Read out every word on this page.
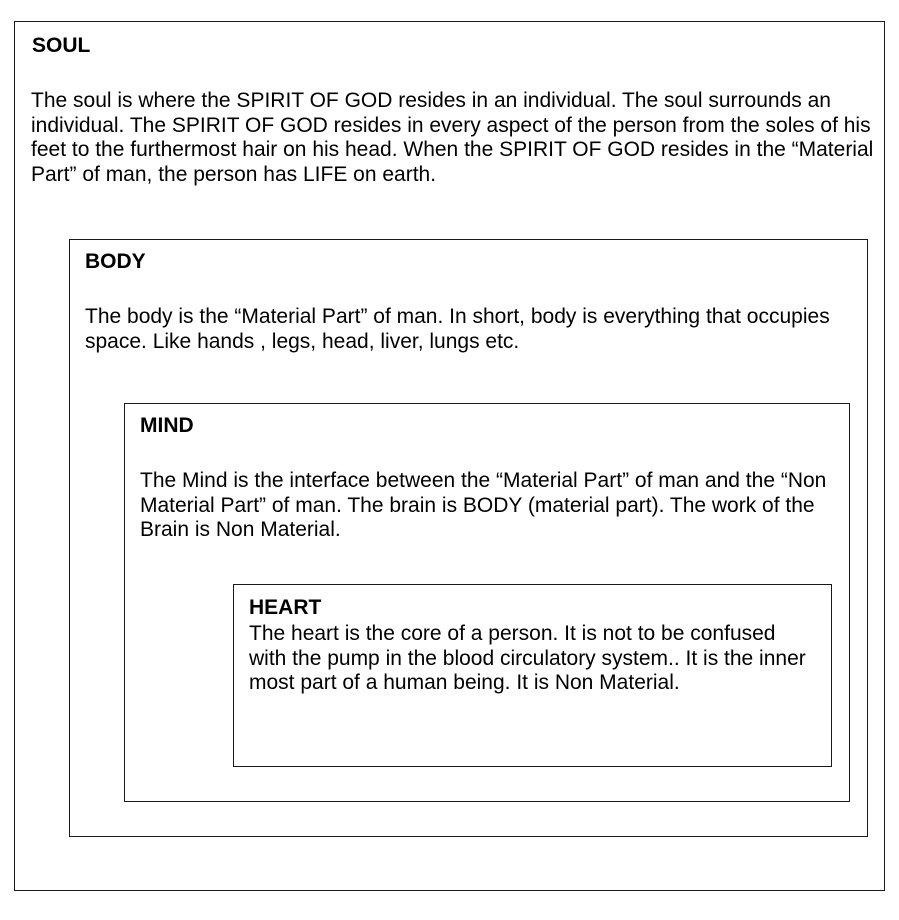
SOUL
The soul is where the SPIRIT OF GOD resides in an individual. The soul surrounds an individual. The SPIRIT OF GOD resides in every aspect of the person from the soles of his feet to the furthermost hair on his head. When the SPIRIT OF GOD resides in the “Material Part” of man, the person has LIFE on earth.
BODY
The body is the “Material Part” of man. In short, body is everything that occupies space. Like hands , legs, head, liver, lungs etc.
MIND
The Mind is the interface between the “Material Part” of man and the “Non Material Part” of man. The brain is BODY (material part). The work of the Brain is Non Material.
HEART
The heart is the core of a person. It is not to be confused with the pump in the blood circulatory system.. It is the inner most part of a human being. It is Non Material.
